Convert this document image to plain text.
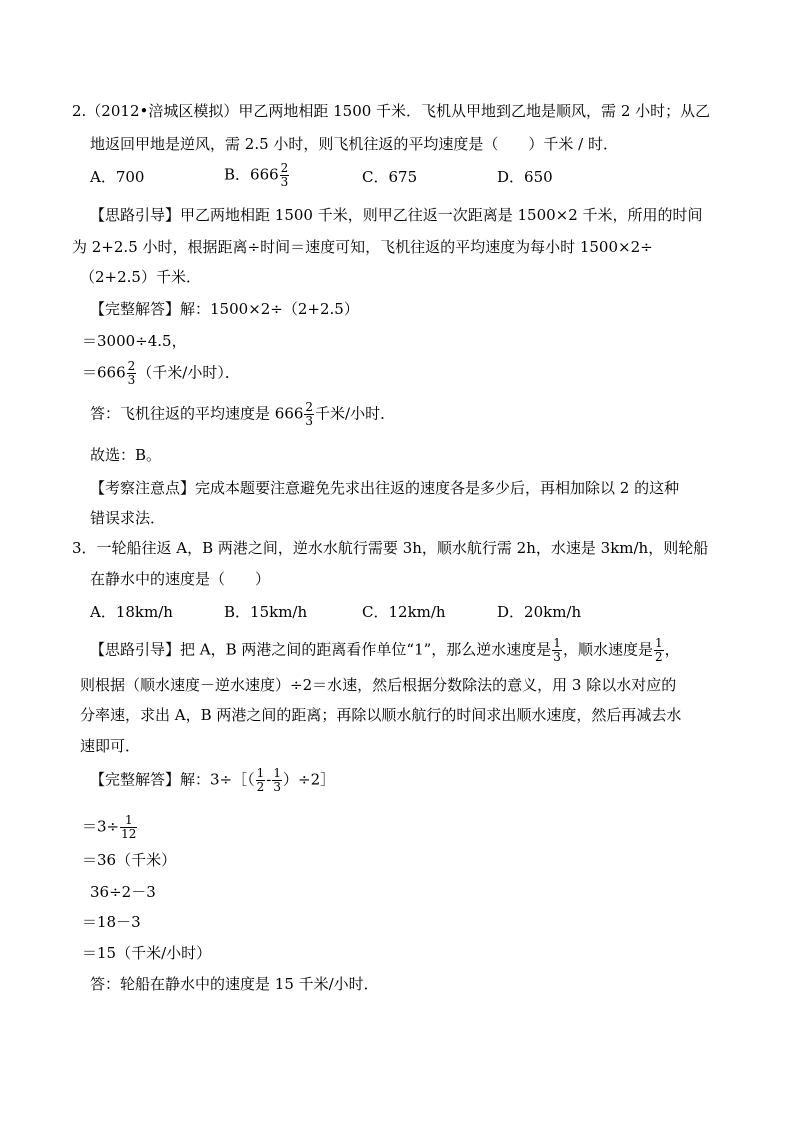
2.（2012•涪城区模拟）甲乙两地相距 1500 千米．飞机从甲地到乙地是顺风，需 2 小时；从乙
地返回甲地是逆风，需 2.5 小时，则飞机往返的平均速度是（　　）千米 / 时．
A．700	B．$666 \frac{2}{3}$	C．675	D．650
【思路引导】甲乙两地相距 1500 千米，则甲乙往返一次距离是 1500×2 千米，所用的时间
为 2+2.5 小时，根据距离÷时间＝速度可知，飞机往返的平均速度为每小时 1500×2÷
（2+2.5）千米．
【完整解答】解：1500×2÷（2+2.5）
＝3000÷4.5，
$=666 \frac{2}{3}$ （千米/小时）．
答：飞机往返的平均速度是 $666 \frac{2}{3}$ 千米/小时．
故选：B。
【考察注意点】完成本题要注意避免先求出往返的速度各是多少后，再相加除以 2 的这种
错误求法．
3．一轮船往返 A，B 两港之间，逆水水航行需要 3h，顺水航行需 2h，水速是 3km/h，则轮船
在静水中的速度是（　　）
A．18km/h	B．15km/h	C．12km/h	D．20km/h
【思路引导】把 A，B 两港之间的距离看作单位“1”，那么逆水速度是 $\frac{1}{3}$ ，顺水速度是 $\frac{1}{2}$ ，
则根据（顺水速度－逆水速度）÷2＝水速，然后根据分数除法的意义，用 3 除以水对应的
分率速，求出 A，B 两港之间的距离；再除以顺水航行的时间求出顺水速度，然后再减去水
速即可．
【完整解答】解：3÷［（ $\frac{1}{2} - \frac{1}{3}$ ）÷2］
$=3\div \frac{1}{12}$
＝36（千米）
36÷2－3
＝18－3
＝15（千米/小时）
答：轮船在静水中的速度是 15 千米/小时．
